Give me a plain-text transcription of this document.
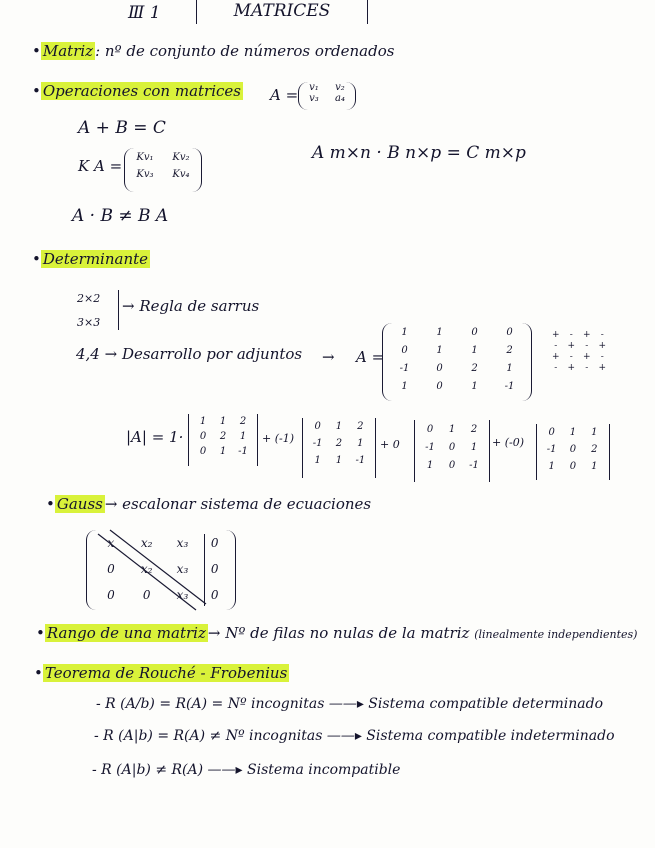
Ⅲ 1	MATRICES
• Matriz : nº de conjunto de números ordenados
• Operaciones con matrices A =	v₁	v₂
v₃	a₄
A + B = C
K A =	Kv₁	Kv₂
Kv₃	Kv₄
A m×n · B n×p = C m×p
A · B ≠ B A
• Determinante
2×2
3×3
→ Regla de sarrus
4,4 → Desarrollo por adjuntos → A =
1	1	0	0
0	1	1	2
-1	0	2	1
1	0	1	-1
+	-	+	-
-	+	-	+
+	-	+	-
-	+	-	+
|A| = 1·
1	1	2
0	2	1
0	1	-1
+ (-1)
0	1	2
-1	2	1
1	1	-1
+ 0
0	1	2
-1	0	1
1	0	-1
+ (-0)
0	1	1
-1	0	2
1	0	1
• Gauss → escalonar sistema de ecuaciones
x	x₂	x₃	0
0	x₂	x₃	0
0	0	x₃	0
• Rango de una matriz → Nº de filas no nulas de la matriz (linealmente independientes)
• Teorema de Rouché - Frobenius
- R (A/b) = R(A) = Nº incognitas ——▸ Sistema compatible determinado
- R (A|b) = R(A) ≠ Nº incognitas ——▸ Sistema compatible indeterminado
- R (A|b) ≠ R(A) ——▸ Sistema incompatible
